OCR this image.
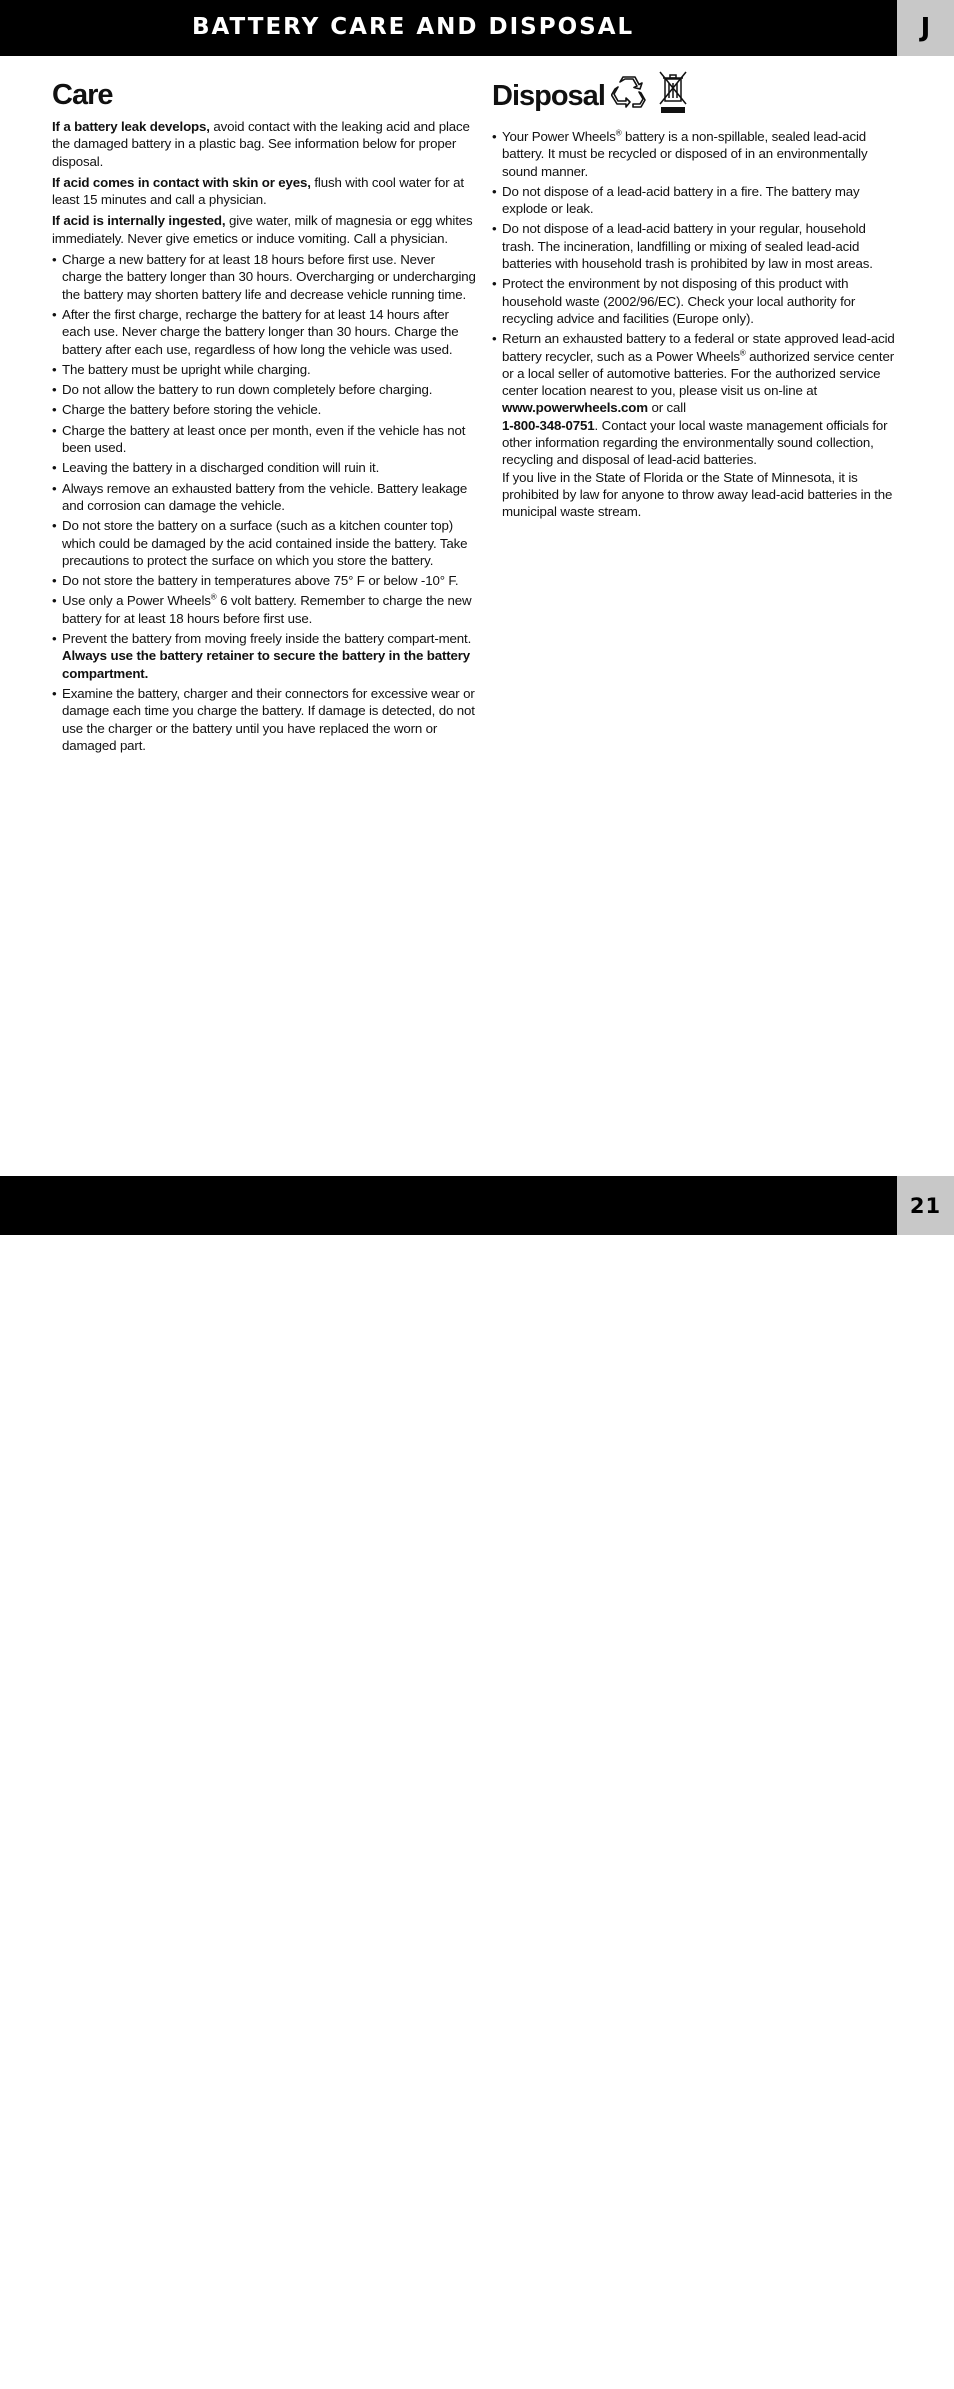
BATTERY CARE AND DISPOSAL	J
Care

If a battery leak develops, avoid contact with the leaking acid and place the damaged battery in a plastic bag. See information below for proper disposal.

If acid comes in contact with skin or eyes, flush with cool water for at least 15 minutes and call a physician.

If acid is internally ingested, give water, milk of magnesia or egg whites immediately. Never give emetics or induce vomiting. Call a physician.

• Charge a new battery for at least 18 hours before first use. Never charge the battery longer than 30 hours. Overcharging or undercharging the battery may shorten battery life and decrease vehicle running time.
• After the first charge, recharge the battery for at least 14 hours after each use. Never charge the battery longer than 30 hours. Charge the battery after each use, regardless of how long the vehicle was used.
• The battery must be upright while charging.
• Do not allow the battery to run down completely before charging.
• Charge the battery before storing the vehicle.
• Charge the battery at least once per month, even if the vehicle has not been used.
• Leaving the battery in a discharged condition will ruin it.
• Always remove an exhausted battery from the vehicle. Battery leakage and corrosion can damage the vehicle.
• Do not store the battery on a surface (such as a kitchen counter top) which could be damaged by the acid contained inside the battery. Take precautions to protect the surface on which you store the battery.
• Do not store the battery in temperatures above 75° F or below -10° F.
• Use only a Power Wheels® 6 volt battery. Remember to charge the new battery for at least 18 hours before first use.
• Prevent the battery from moving freely inside the battery compart-ment. Always use the battery retainer to secure the battery in the battery compartment.
• Examine the battery, charger and their connectors for excessive wear or damage each time you charge the battery. If damage is detected, do not use the charger or the battery until you have replaced the worn or damaged part.
Disposal
• Your Power Wheels® battery is a non-spillable, sealed lead-acid battery. It must be recycled or disposed of in an environmentally sound manner.
• Do not dispose of a lead-acid battery in a fire. The battery may explode or leak.
• Do not dispose of a lead-acid battery in your regular, household trash. The incineration, landfilling or mixing of sealed lead-acid batteries with household trash is prohibited by law in most areas.
• Protect the environment by not disposing of this product with household waste (2002/96/EC). Check your local authority for recycling advice and facilities (Europe only).
• Return an exhausted battery to a federal or state approved lead-acid battery recycler, such as a Power Wheels® authorized service center or a local seller of automotive batteries. For the authorized service center location nearest to you, please visit us on-line at www.powerwheels.com or call
1-800-348-0751. Contact your local waste management officials for other information regarding the environmentally sound collection, recycling and disposal of lead-acid batteries.
If you live in the State of Florida or the State of Minnesota, it is prohibited by law for anyone to throw away lead-acid batteries in the municipal waste stream.
P5064pr-0920
21
